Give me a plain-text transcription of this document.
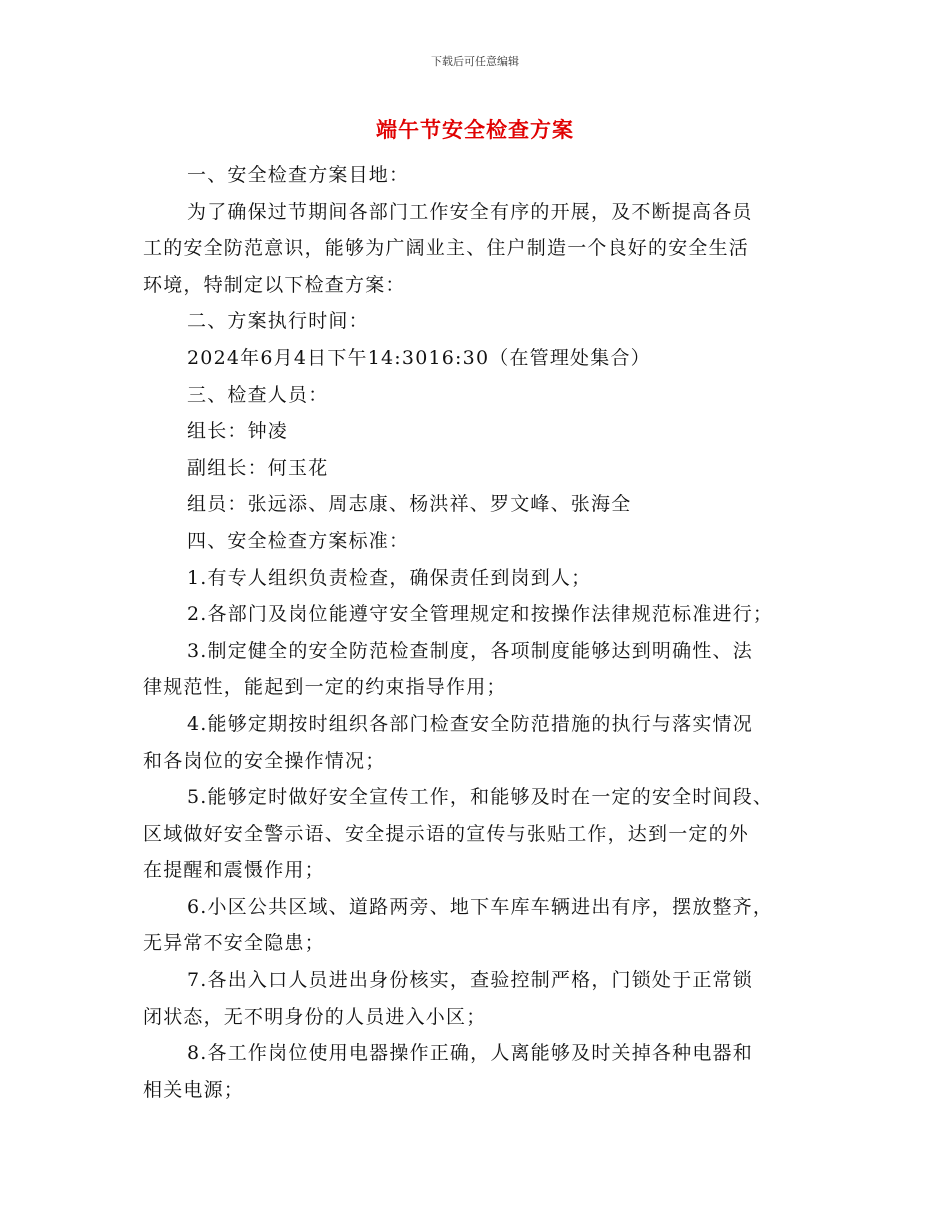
下载后可任意编辑
端午节安全检查方案
一、安全检查方案目地：
为了确保过节期间各部门工作安全有序的开展，及不断提高各员
工的安全防范意识，能够为广阔业主、住户制造一个良好的安全生活
环境，特制定以下检查方案：
二、方案执行时间：
2024年6月4日下午14:3016:30（在管理处集合）
三、检查人员：
组长：钟凌
副组长：何玉花
组员：张远添、周志康、杨洪祥、罗文峰、张海全
四、安全检查方案标准：
1.有专人组织负责检查，确保责任到岗到人；
2.各部门及岗位能遵守安全管理规定和按操作法律规范标准进行；
3.制定健全的安全防范检查制度，各项制度能够达到明确性、法
律规范性，能起到一定的约束指导作用；
4.能够定期按时组织各部门检查安全防范措施的执行与落实情况
和各岗位的安全操作情况；
5.能够定时做好安全宣传工作，和能够及时在一定的安全时间段、
区域做好安全警示语、安全提示语的宣传与张贴工作，达到一定的外
在提醒和震慑作用；
6.小区公共区域、道路两旁、地下车库车辆进出有序，摆放整齐，
无异常不安全隐患；
7.各出入口人员进出身份核实，查验控制严格，门锁处于正常锁
闭状态，无不明身份的人员进入小区；
8.各工作岗位使用电器操作正确，人离能够及时关掉各种电器和
相关电源；
